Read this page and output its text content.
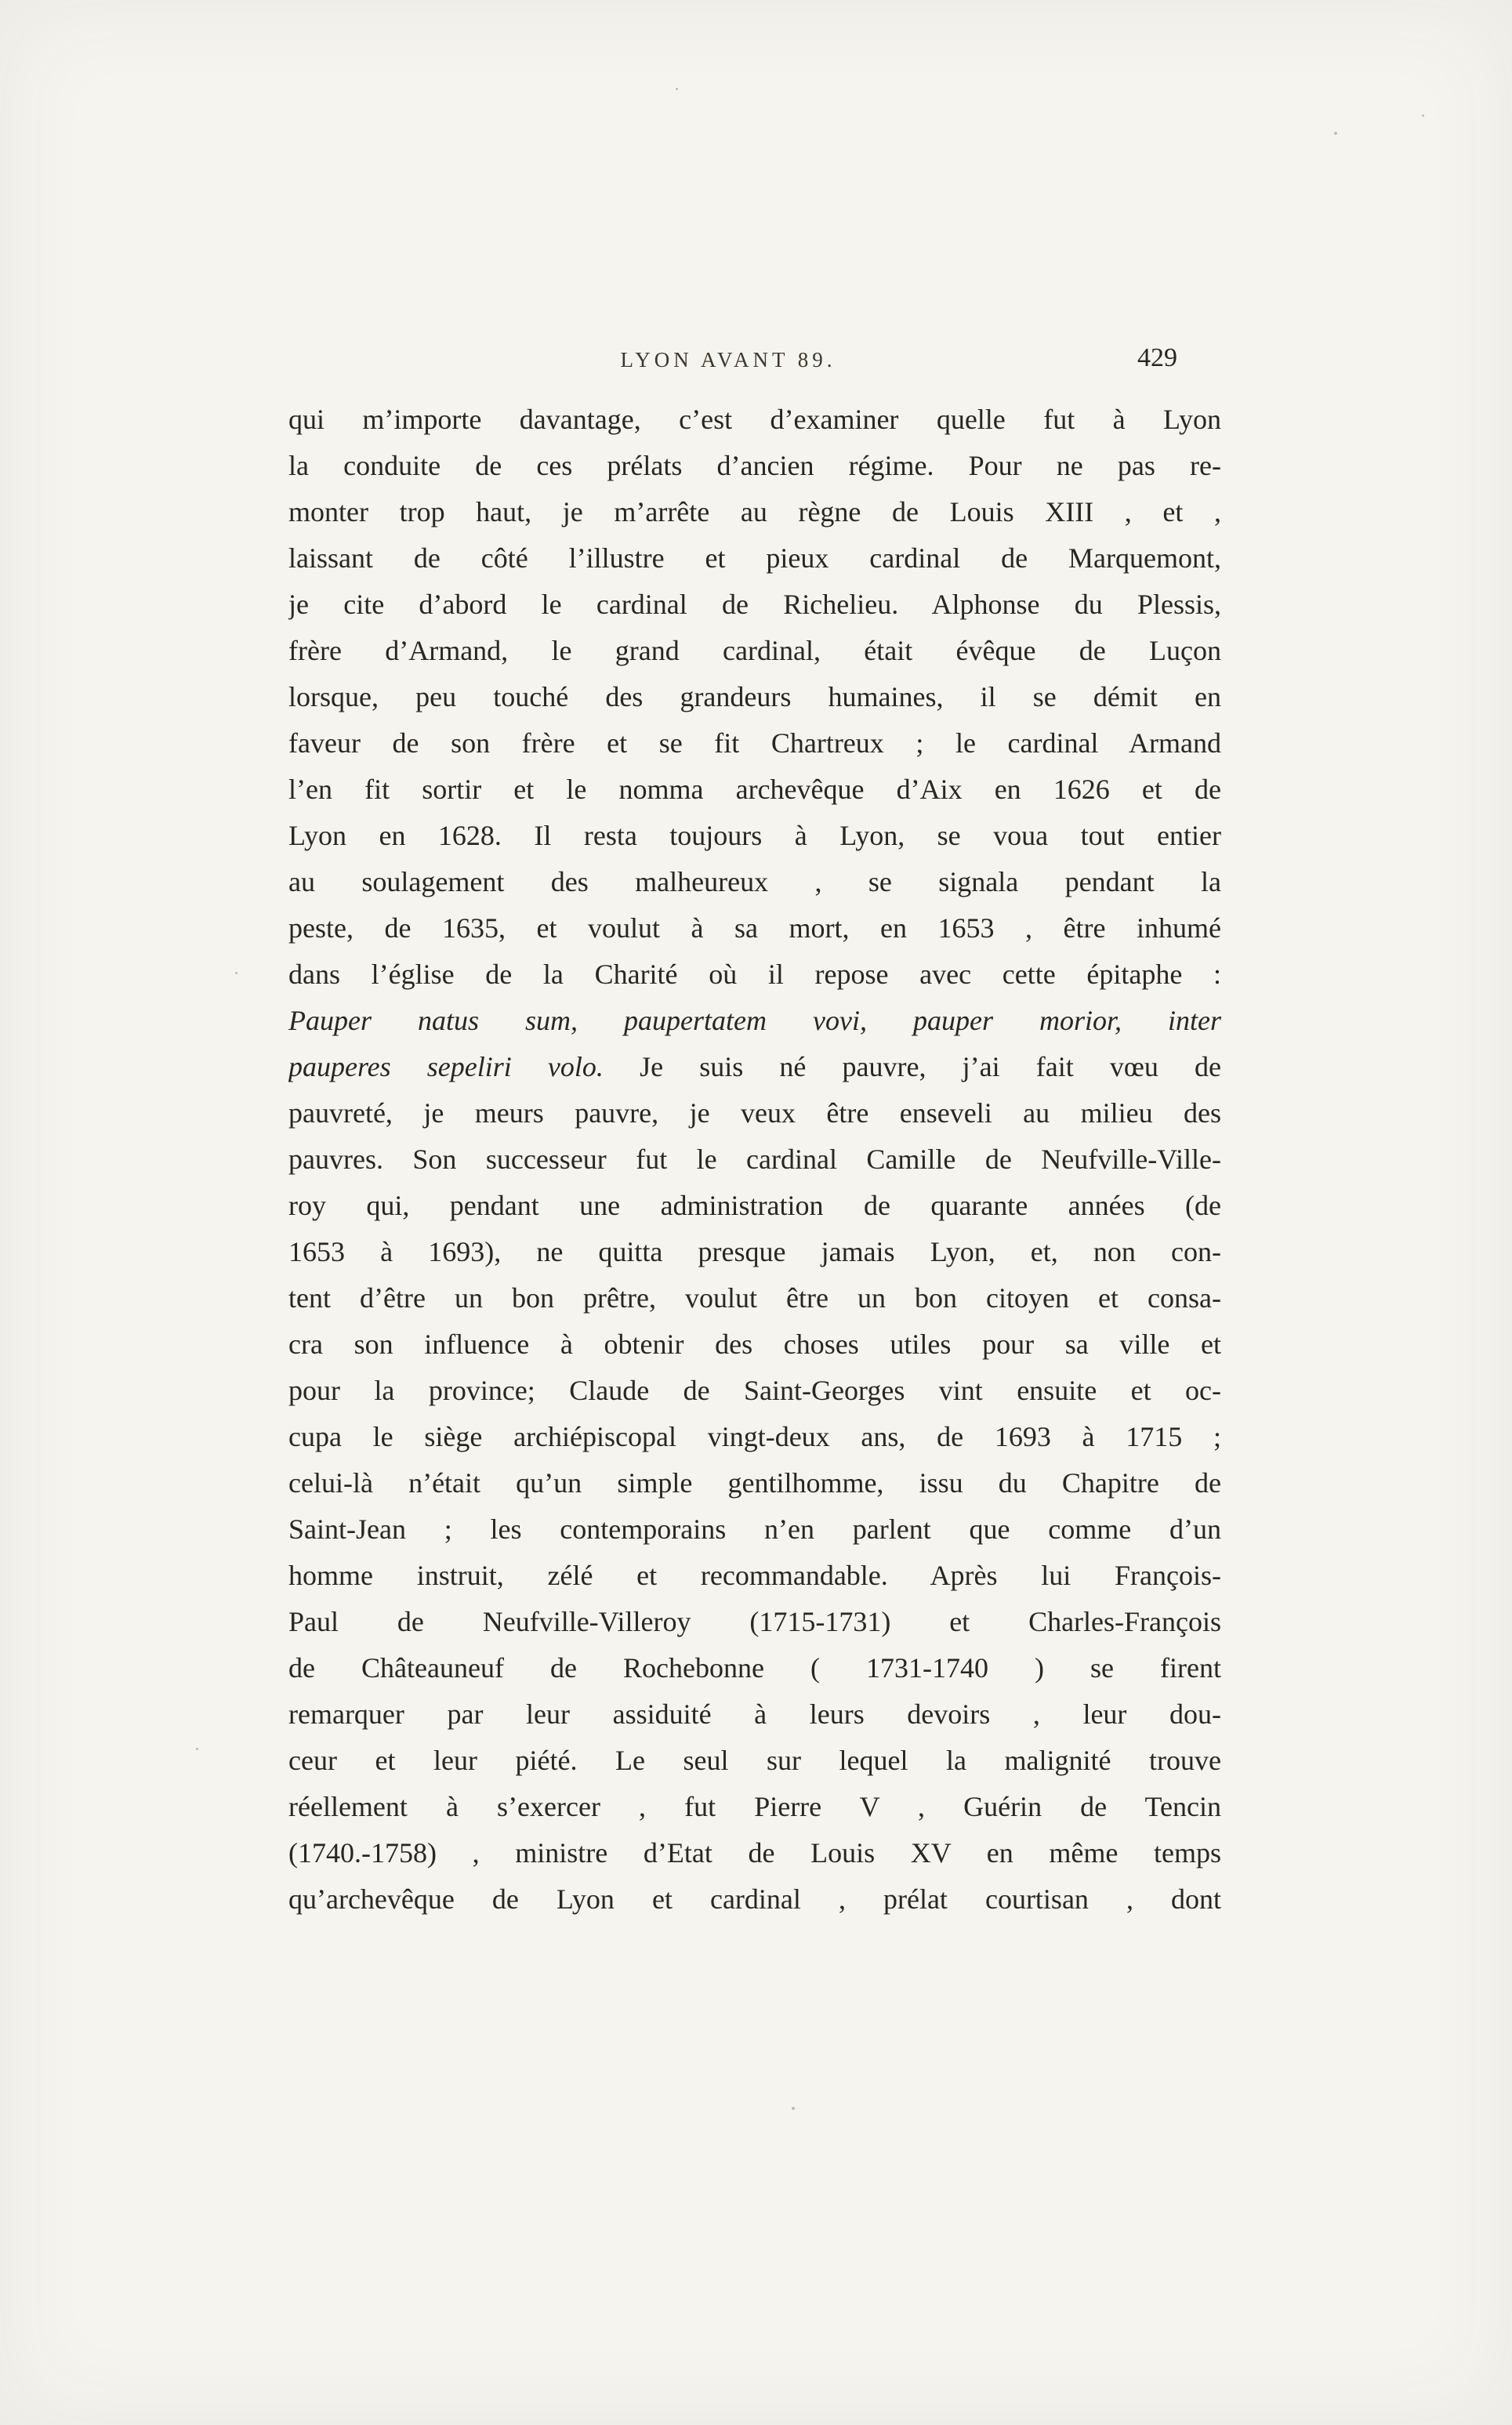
LYON AVANT 89.	429
qui m’importe davantage, c’est d’examiner quelle fut à Lyon
la conduite de ces prélats d’ancien régime. Pour ne pas re-
monter trop haut, je m’arrête au règne de Louis XIII , et ,
laissant de côté l’illustre et pieux cardinal de Marquemont,
je cite d’abord le cardinal de Richelieu. Alphonse du Plessis,
frère d’Armand, le grand cardinal, était évêque de Luçon
lorsque, peu touché des grandeurs humaines, il se démit en
faveur de son frère et se fit Chartreux ; le cardinal Armand
l’en fit sortir et le nomma archevêque d’Aix en 1626 et de
Lyon en 1628. Il resta toujours à Lyon, se voua tout entier
au soulagement des malheureux , se signala pendant la
peste, de 1635, et voulut à sa mort, en 1653 , être inhumé
dans l’église de la Charité où il repose avec cette épitaphe :
Pauper natus sum, paupertatem vovi, pauper morior, inter
pauperes sepeliri volo. Je suis né pauvre, j’ai fait vœu de
pauvreté, je meurs pauvre, je veux être enseveli au milieu des
pauvres. Son successeur fut le cardinal Camille de Neufville-Ville-
roy qui, pendant une administration de quarante années (de
1653 à 1693), ne quitta presque jamais Lyon, et, non con-
tent d’être un bon prêtre, voulut être un bon citoyen et consa-
cra son influence à obtenir des choses utiles pour sa ville et
pour la province; Claude de Saint-Georges vint ensuite et oc-
cupa le siège archiépiscopal vingt-deux ans, de 1693 à 1715 ;
celui-là n’était qu’un simple gentilhomme, issu du Chapitre de
Saint-Jean ; les contemporains n’en parlent que comme d’un
homme instruit, zélé et recommandable. Après lui François-
Paul de Neufville-Villeroy (1715-1731) et Charles-François
de Châteauneuf de Rochebonne ( 1731-1740 ) se firent
remarquer par leur assiduité à leurs devoirs , leur dou-
ceur et leur piété. Le seul sur lequel la malignité trouve
réellement à s’exercer , fut Pierre V , Guérin de Tencin
(1740.-1758) , ministre d’Etat de Louis XV en même temps
qu’archevêque de Lyon et cardinal , prélat courtisan , dont
